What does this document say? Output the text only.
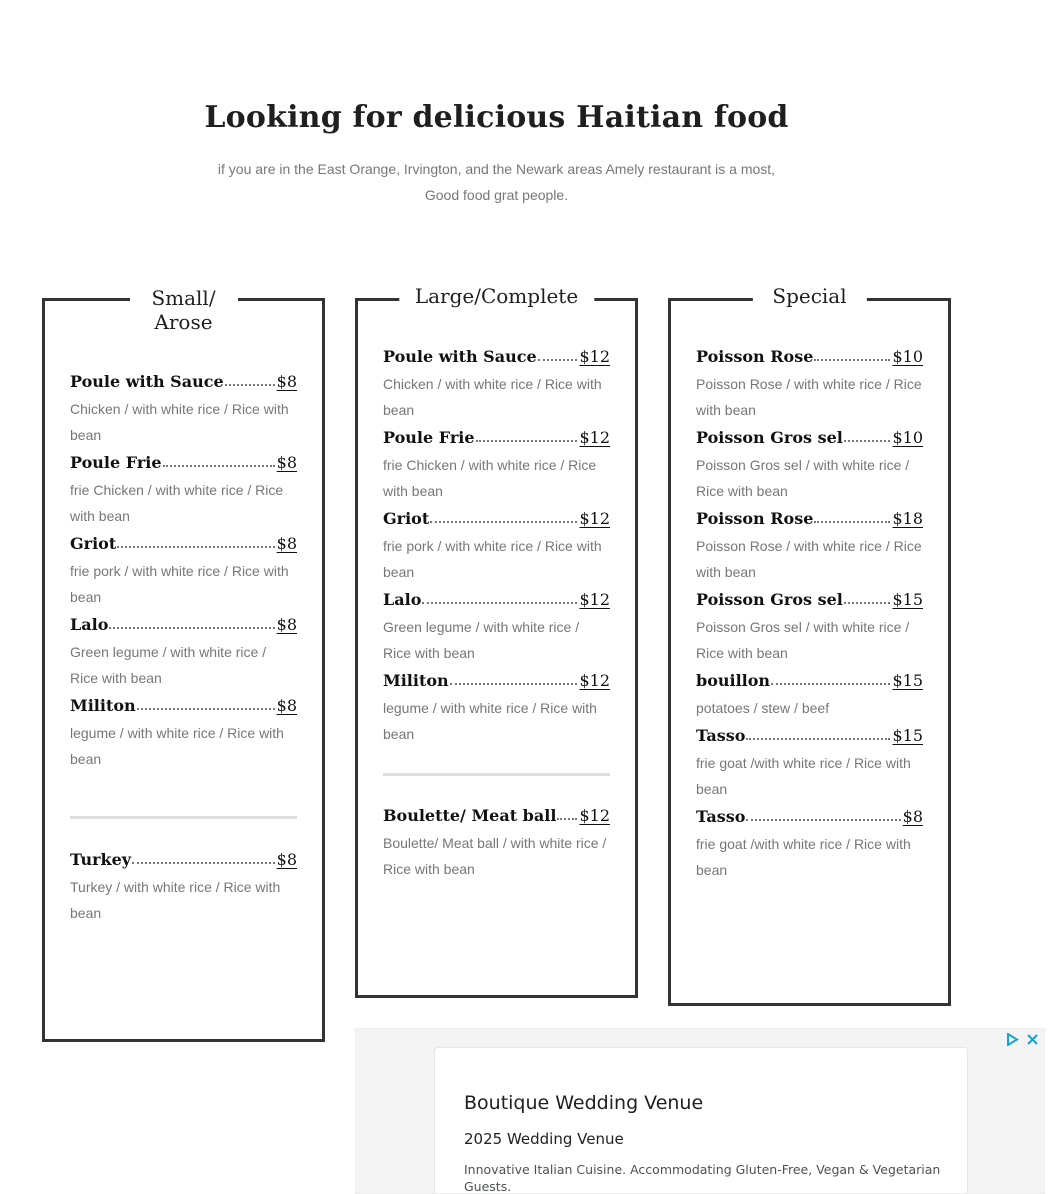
Looking for delicious Haitian food
if you are in the East Orange, Irvington, and the Newark areas Amely restaurant is a most, Good food grat people.
Small/ Arose
Poule with Sauce	$8
Chicken / with white rice / Rice with bean
Poule Frie	$8
frie Chicken / with white rice / Rice with bean
Griot	$8
frie pork / with white rice / Rice with bean
Lalo	$8
Green legume / with white rice / Rice with bean
Militon	$8
legume / with white rice / Rice with bean
Turkey	$8
Turkey / with white rice / Rice with bean
Large/Complete
Poule with Sauce	$12
Chicken / with white rice / Rice with bean
Poule Frie	$12
frie Chicken / with white rice / Rice with bean
Griot	$12
frie pork / with white rice / Rice with bean
Lalo	$12
Green legume / with white rice / Rice with bean
Militon	$12
legume / with white rice / Rice with bean
Boulette/ Meat ball $12
Boulette/ Meat ball / with white rice / Rice with bean
Special
Poisson Rose	$10
Poisson Rose / with white rice / Rice with bean
Poisson Gros sel	$10
Poisson Gros sel / with white rice / Rice with bean
Poisson Rose	$18
Poisson Rose / with white rice / Rice with bean
Poisson Gros sel	$15
Poisson Gros sel / with white rice / Rice with bean
bouillon	$15
potatoes / stew / beef
Tasso	$15
frie goat /with white rice / Rice with bean
Tasso	$8
frie goat /with white rice / Rice with bean
Boutique Wedding Venue
2025 Wedding Venue
Innovative Italian Cuisine. Accommodating Gluten-Free, Vegan & Vegetarian Guests.
